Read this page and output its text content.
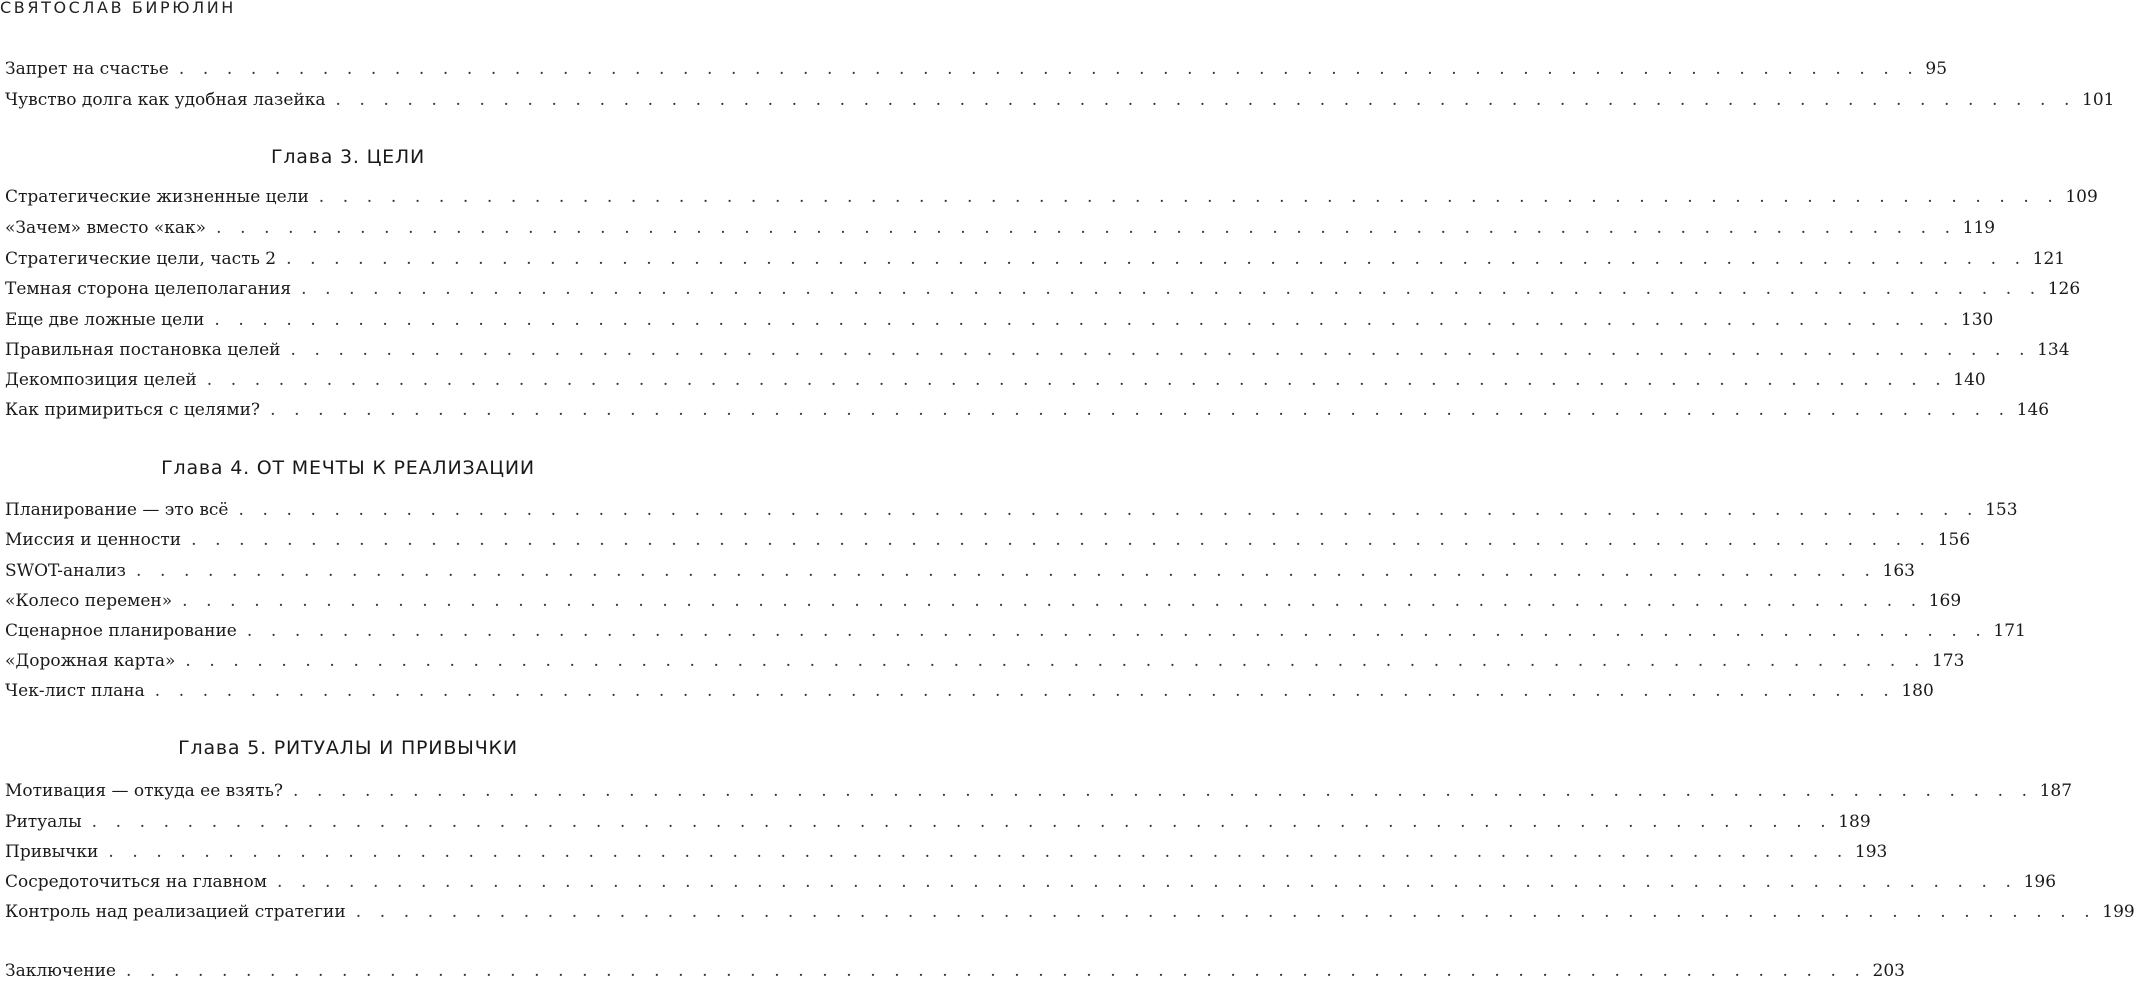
СВЯТОСЛАВ БИРЮЛИН
Запрет на счастье . . . . . . . . . . . . . . . . . . . . . . . . . . . . . . . . . . . . . . . . . . . . . . . . . . . . . . . . . . . . . . . . . . . . . . . . . 95
Чувство долга как удобная лазейка . . . . . . . . . . . . . . . . . . . . . . . . . . . . . . . . . . . . . . . . . . . . . . . . . . . . . . . . . . . . . . . . . . . . . . . . . 101
Глава 3. ЦЕЛИ
Стратегические жизненные цели . . . . . . . . . . . . . . . . . . . . . . . . . . . . . . . . . . . . . . . . . . . . . . . . . . . . . . . . . . . . . . . . . . . . . . . . . 109
«Зачем» вместо «как» . . . . . . . . . . . . . . . . . . . . . . . . . . . . . . . . . . . . . . . . . . . . . . . . . . . . . . . . . . . . . . . . . . . . . . . . . 119
Стратегические цели, часть 2 . . . . . . . . . . . . . . . . . . . . . . . . . . . . . . . . . . . . . . . . . . . . . . . . . . . . . . . . . . . . . . . . . . . . . . . . . 121
Темная сторона целеполагания . . . . . . . . . . . . . . . . . . . . . . . . . . . . . . . . . . . . . . . . . . . . . . . . . . . . . . . . . . . . . . . . . . . . . . . . . 126
Еще две ложные цели . . . . . . . . . . . . . . . . . . . . . . . . . . . . . . . . . . . . . . . . . . . . . . . . . . . . . . . . . . . . . . . . . . . . . . . . . 130
Правильная постановка целей . . . . . . . . . . . . . . . . . . . . . . . . . . . . . . . . . . . . . . . . . . . . . . . . . . . . . . . . . . . . . . . . . . . . . . . . . 134
Декомпозиция целей . . . . . . . . . . . . . . . . . . . . . . . . . . . . . . . . . . . . . . . . . . . . . . . . . . . . . . . . . . . . . . . . . . . . . . . . . 140
Как примириться с целями? . . . . . . . . . . . . . . . . . . . . . . . . . . . . . . . . . . . . . . . . . . . . . . . . . . . . . . . . . . . . . . . . . . . . . . . . . 146
Глава 4. ОТ МЕЧТЫ К РЕАЛИЗАЦИИ
Планирование — это всё . . . . . . . . . . . . . . . . . . . . . . . . . . . . . . . . . . . . . . . . . . . . . . . . . . . . . . . . . . . . . . . . . . . . . . . . . 153
Миссия и ценности . . . . . . . . . . . . . . . . . . . . . . . . . . . . . . . . . . . . . . . . . . . . . . . . . . . . . . . . . . . . . . . . . . . . . . . . . 156
SWOT-анализ . . . . . . . . . . . . . . . . . . . . . . . . . . . . . . . . . . . . . . . . . . . . . . . . . . . . . . . . . . . . . . . . . . . . . . . . . 163
«Колесо перемен» . . . . . . . . . . . . . . . . . . . . . . . . . . . . . . . . . . . . . . . . . . . . . . . . . . . . . . . . . . . . . . . . . . . . . . . . . 169
Сценарное планирование . . . . . . . . . . . . . . . . . . . . . . . . . . . . . . . . . . . . . . . . . . . . . . . . . . . . . . . . . . . . . . . . . . . . . . . . . 171
«Дорожная карта» . . . . . . . . . . . . . . . . . . . . . . . . . . . . . . . . . . . . . . . . . . . . . . . . . . . . . . . . . . . . . . . . . . . . . . . . . 173
Чек-лист плана . . . . . . . . . . . . . . . . . . . . . . . . . . . . . . . . . . . . . . . . . . . . . . . . . . . . . . . . . . . . . . . . . . . . . . . . . 180
Глава 5. РИТУАЛЫ И ПРИВЫЧКИ
Мотивация — откуда ее взять? . . . . . . . . . . . . . . . . . . . . . . . . . . . . . . . . . . . . . . . . . . . . . . . . . . . . . . . . . . . . . . . . . . . . . . . . . 187
Ритуалы . . . . . . . . . . . . . . . . . . . . . . . . . . . . . . . . . . . . . . . . . . . . . . . . . . . . . . . . . . . . . . . . . . . . . . . . . 189
Привычки . . . . . . . . . . . . . . . . . . . . . . . . . . . . . . . . . . . . . . . . . . . . . . . . . . . . . . . . . . . . . . . . . . . . . . . . . 193
Сосредоточиться на главном . . . . . . . . . . . . . . . . . . . . . . . . . . . . . . . . . . . . . . . . . . . . . . . . . . . . . . . . . . . . . . . . . . . . . . . . . 196
Контроль над реализацией стратегии . . . . . . . . . . . . . . . . . . . . . . . . . . . . . . . . . . . . . . . . . . . . . . . . . . . . . . . . . . . . . . . . . . . . . . . . . 199
Заключение . . . . . . . . . . . . . . . . . . . . . . . . . . . . . . . . . . . . . . . . . . . . . . . . . . . . . . . . . . . . . . . . . . . . . . . . . 203
